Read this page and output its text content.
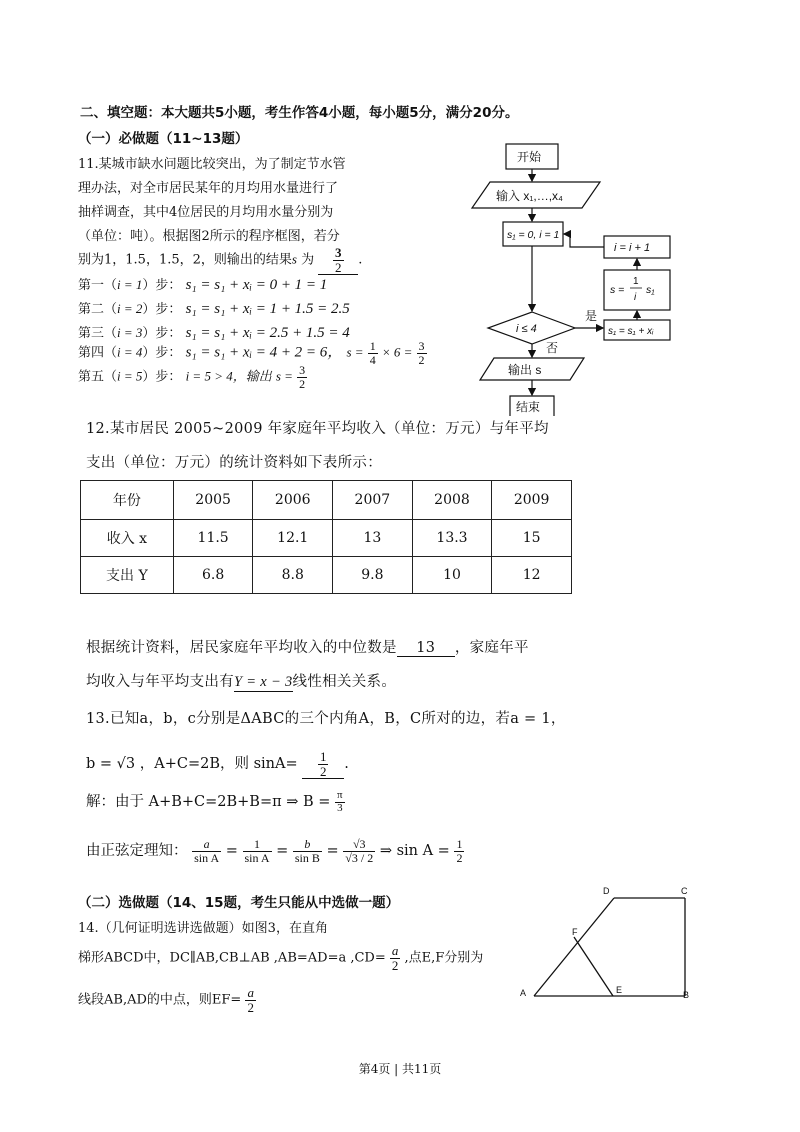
二、填空题：本大题共5小题，考生作答4小题，每小题5分，满分20分。
（一）必做题（11~13题）
11.某城市缺水问题比较突出，为了制定节水管
理办法，对全市居民某年的月均用水量进行了
抽样调查，其中4位居民的月均用水量分别为
（单位：吨）。根据图2所示的程序框图，若分
别为1，1.5，1.5，2，则输出的结果s 为 $\frac{3}{2}$ .
第一（i = 1）步： s₁ = s₁ + xᵢ = 0 + 1 = 1
第二（i = 2）步： s₁ = s₁ + xᵢ = 1 + 1.5 = 2.5
第三（i = 3）步： s₁ = s₁ + xᵢ = 2.5 + 1.5 = 4
第四（i = 4）步： s₁ = s₁ + xᵢ = 4 + 2 = 6， $s = \frac{1}{4} \times 6 = \frac{3}{2}$
第五（i = 5）步： i = 5 > 4，输出 $s = \frac{3}{2}$
开始
输入 x₁,…,x₄
s₁ = 0, i = 1
i = i + 1
s =
1
i
s₁
是
i ≤ 4	s₁ = s₁ + xᵢ
否
输出 s
结束
12.某市居民 2005~2009 年家庭年平均收入（单位：万元）与年平均
支出（单位：万元）的统计资料如下表所示：
年份	2005	2006	2007	2008	2009
收入 x	11.5	12.1	13	13.3	15
支出 Y	6.8	8.8	9.8	10	12
根据统计资料，居民家庭年平均收入的中位数是 13 ，家庭年平
均收入与年平均支出有Y = x − 3线性相关关系。
13.已知a，b，c分别是ΔABC的三个内角A，B，C所对的边，若a = 1，
b = √3 ，A+C=2B，则 $\sin A= \frac{1}{2}$ .
解：由于 A+B+C=2B+B=π ⇒ $B = \frac{\pi}{3}$
由正弦定理知： $\frac{a}{\text{sin A}} = \frac{1}{\text{sin A}} = \frac{b}{\text{sin B}} = \frac{√3}{√3 / 2}$ ⇒ $\sin A = \frac{1}{2}$
（二）选做题（14、15题，考生只能从中选做一题）
14.（几何证明选讲选做题）如图3，在直角
梯形ABCD中，DC∥AB,CB⊥AB ,AB=AD=a $,CD= \frac{a}{2}$ ,点E,F分别为
线段AB,AD的中点，则$EF= \frac{a}{2}$
D	C
F
A	E	B
第4页 | 共11页
